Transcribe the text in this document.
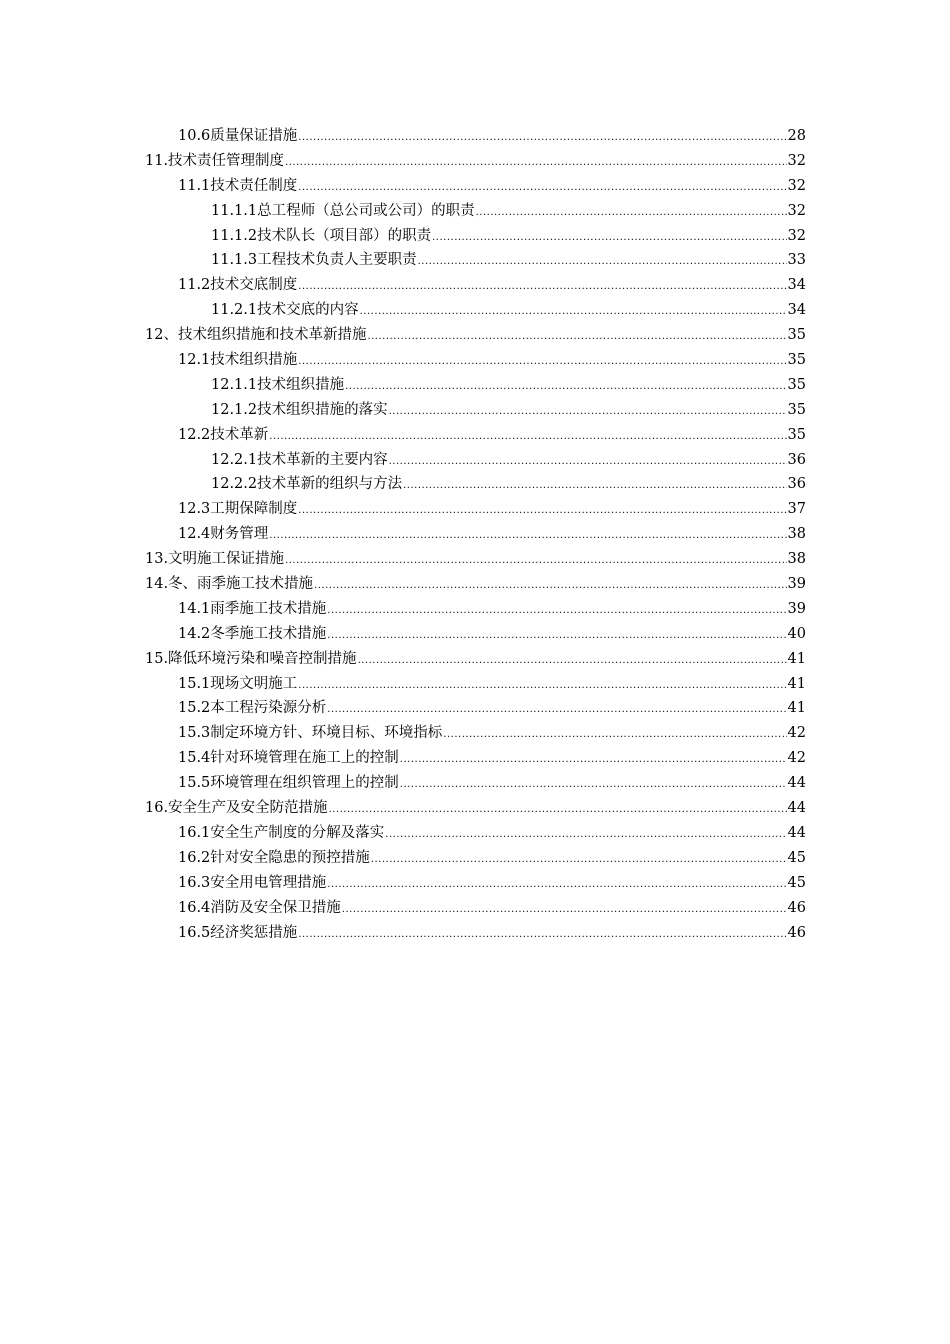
10.6质量保证措施 .....	28
11.技术责任管理制度 .....	32
11.1技术责任制度 .....	32
11.1.1总工程师（总公司或公司）的职责 .....	32
11.1.2技术队长（项目部）的职责 .....	32
11.1.3工程技术负责人主要职责 .....	33
11.2技术交底制度 .....	34
11.2.1技术交底的内容 .....	34
12、技术组织措施和技术革新措施 .....	35
12.1技术组织措施 .....	35
12.1.1技术组织措施 .....	35
12.1.2技术组织措施的落实 .....	35
12.2技术革新 .....	35
12.2.1技术革新的主要内容 .....	36
12.2.2技术革新的组织与方法 .....	36
12.3工期保障制度 .....	37
12.4财务管理 .....	38
13.文明施工保证措施 .....	38
14.冬、雨季施工技术措施 .....	39
14.1雨季施工技术措施 .....	39
14.2冬季施工技术措施 .....	40
15.降低环境污染和噪音控制措施 .....	41
15.1现场文明施工 .....	41
15.2本工程污染源分析 .....	41
15.3制定环境方针、环境目标、环境指标 .....	42
15.4针对环境管理在施工上的控制 .....	42
15.5环境管理在组织管理上的控制 .....	44
16.安全生产及安全防范措施 .....	44
16.1安全生产制度的分解及落实 .....	44
16.2针对安全隐患的预控措施 .....	45
16.3安全用电管理措施 .....	45
16.4消防及安全保卫措施 .....	46
16.5经济奖惩措施 .....	46
